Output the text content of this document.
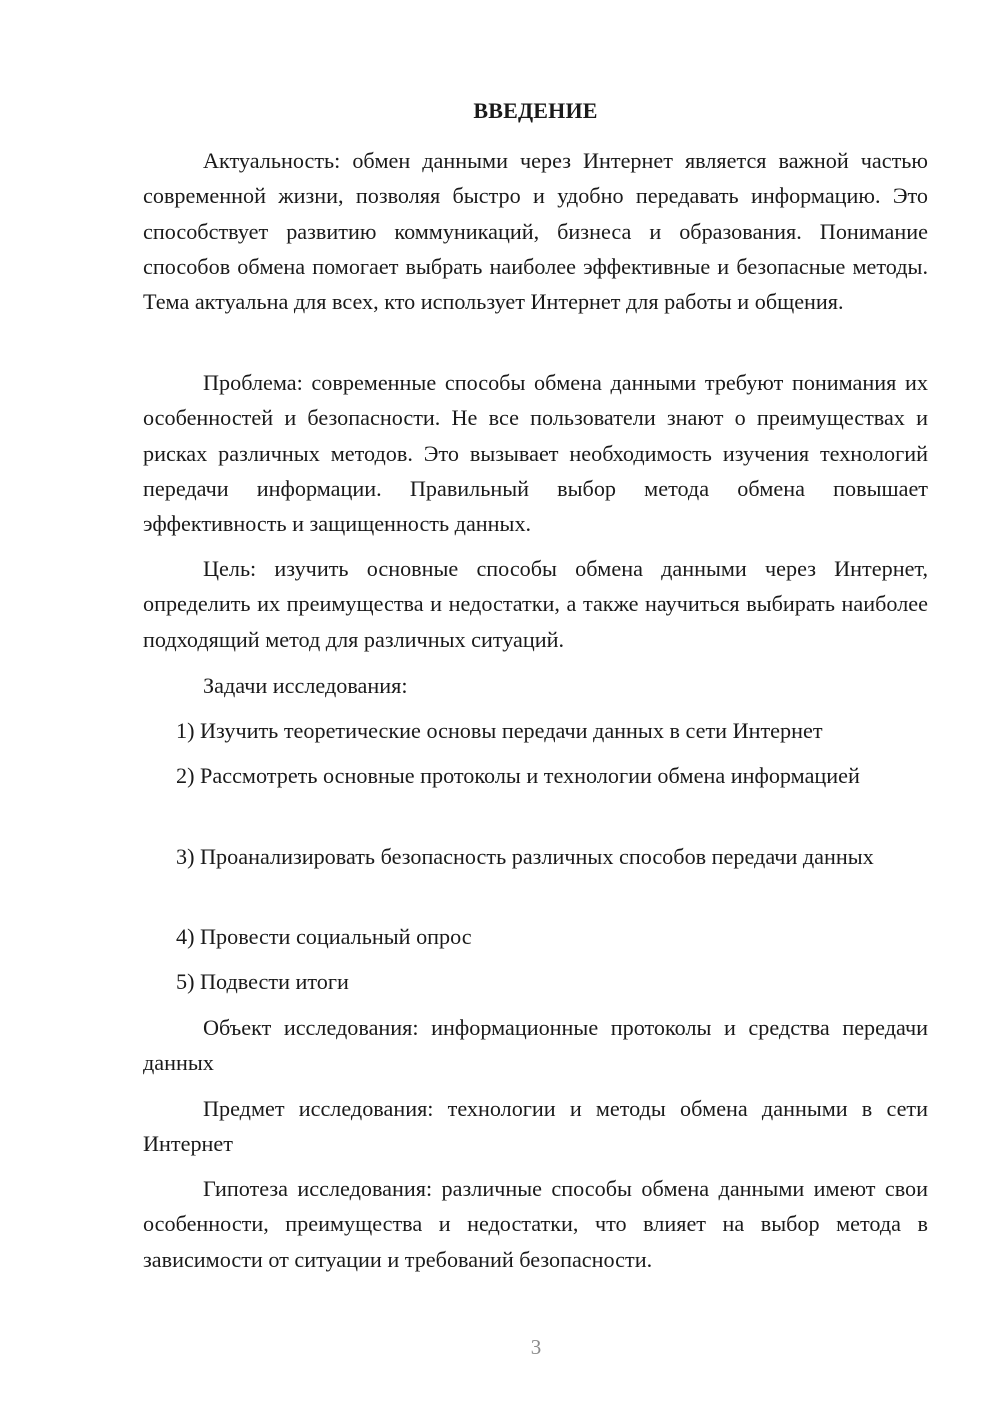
ВВЕДЕНИЕ

Актуальность: обмен данными через Интернет является важной частью современной жизни, позволяя быстро и удобно передавать информацию. Это способствует развитию коммуникаций, бизнеса и образования. Понимание способов обмена помогает выбрать наиболее эффективные и безопасные методы. Тема актуальна для всех, кто использует Интернет для работы и общения.

Проблема: современные способы обмена данными требуют понимания их особенностей и безопасности. Не все пользователи знают о преимуществах и рисках различных методов. Это вызывает необходимость изучения технологий передачи информации. Правильный выбор метода обмена повышает эффективность и защищенность данных.

Цель: изучить основные способы обмена данными через Интернет, определить их преимущества и недостатки, а также научиться выбирать наиболее подходящий метод для различных ситуаций.

Задачи исследования:

1) Изучить теоретические основы передачи данных в сети Интернет

2) Рассмотреть основные протоколы и технологии обмена информацией

3) Проанализировать безопасность различных способов передачи данных

4) Провести социальный опрос

5) Подвести итоги

Объект исследования: информационные протоколы и средства передачи данных

Предмет исследования: технологии и методы обмена данными в сети Интернет

Гипотеза исследования: различные способы обмена данными имеют свои особенности, преимущества и недостатки, что влияет на выбор метода в зависимости от ситуации и требований безопасности.

3
